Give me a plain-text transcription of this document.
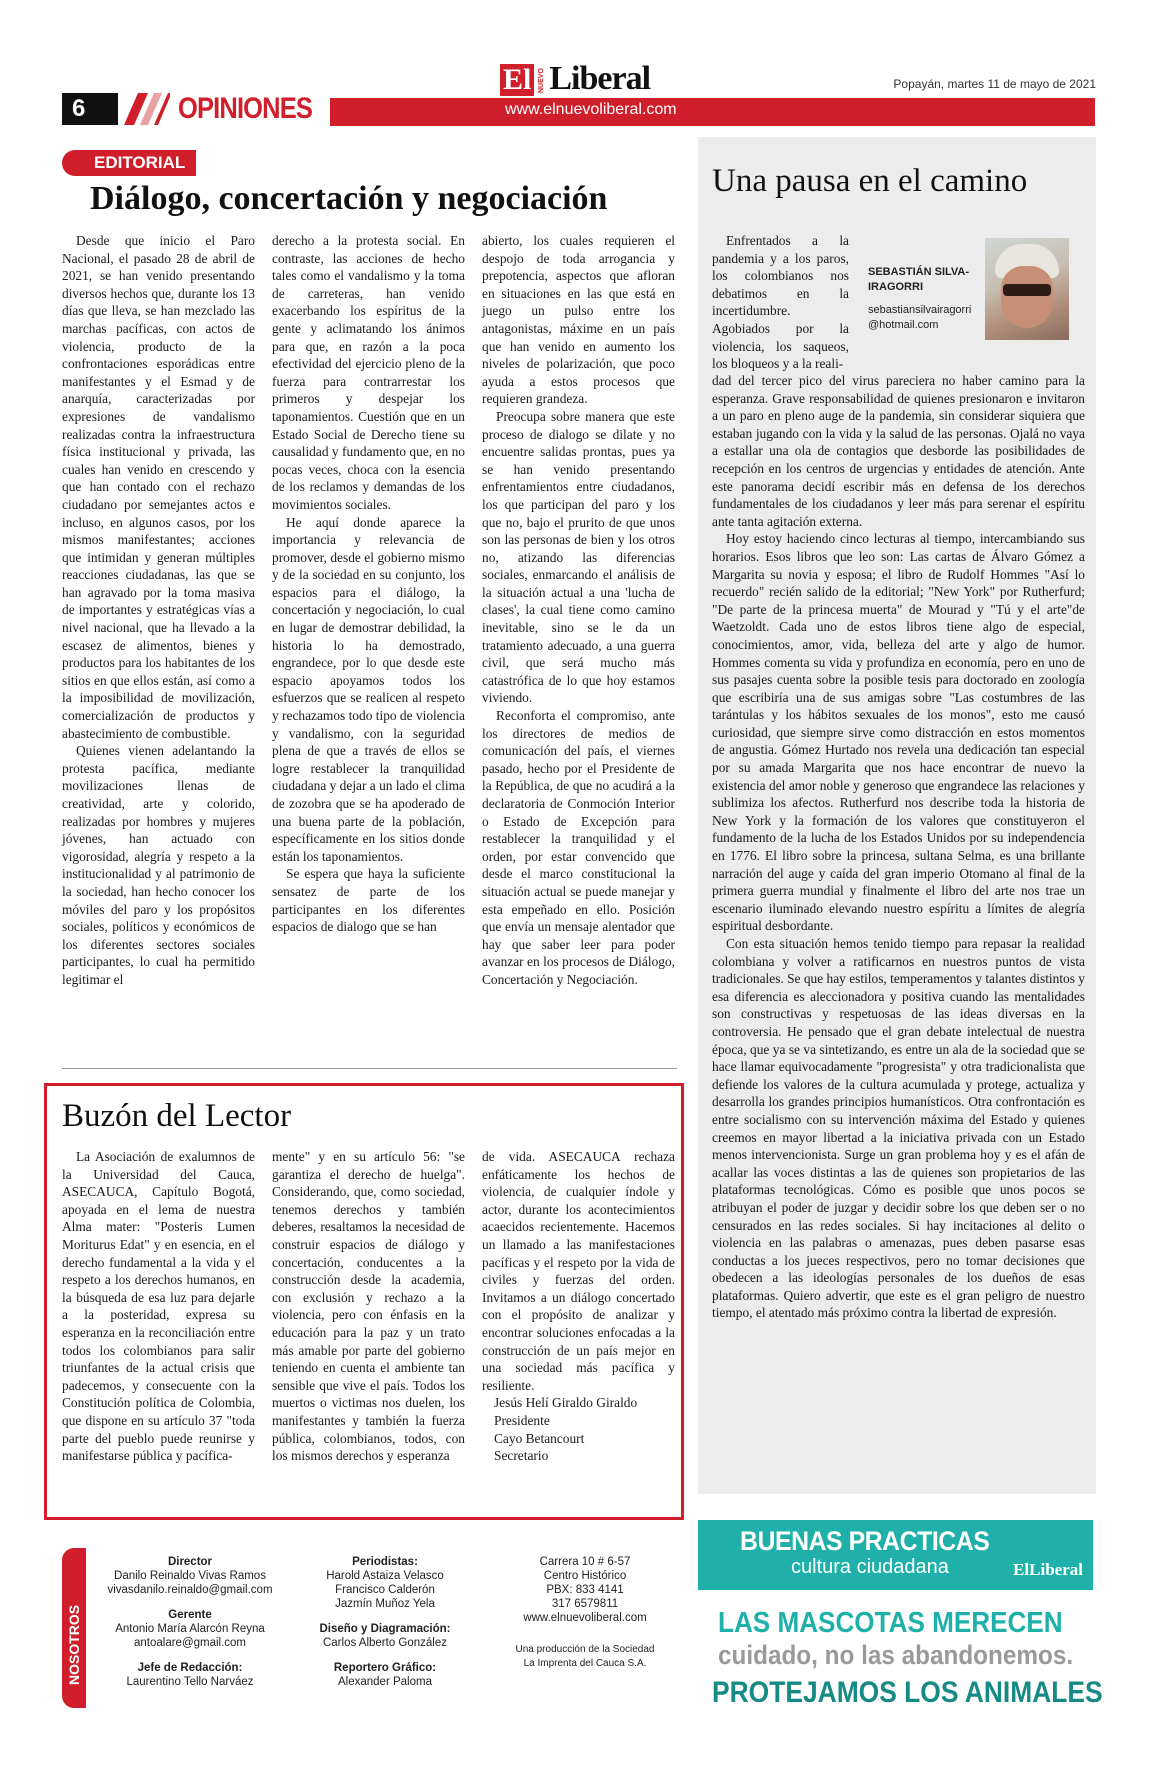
6	OPINIONES	www.elnuevoliberal.com
El	NUEVO Liberal	Popayán, martes 11 de mayo de 2021
EDITORIAL
Diálogo, concertación y negociación

Desde que inicio el Paro Nacional, el pasado 28 de abril de 2021, se han venido presentando diversos hechos que, durante los 13 días que lleva, se han mezclado las marchas pacíficas, con actos de violencia, producto de la confrontaciones esporádicas entre manifestantes y el Esmad y de anarquía, caracterizadas por expresiones de vandalismo realizadas contra la infraestructura física institucional y privada, las cuales han venido en crescendo y que han contado con el rechazo ciudadano por semejantes actos e incluso, en algunos casos, por los mismos manifestantes; acciones que intimidan y generan múltiples reacciones ciudadanas, las que se han agravado por la toma masiva de importantes y estratégicas vías a nivel nacional, que ha llevado a la escasez de alimentos, bienes y productos para los habitantes de los sitios en que ellos están, así como a la imposibilidad de movilización, comercialización de productos y abastecimiento de combustible.

Quienes vienen adelantando la protesta pacífica, mediante movilizaciones llenas de creatividad, arte y colorido, realizadas por hombres y mujeres jóvenes, han actuado con vigorosidad, alegría y respeto a la institucionalidad y al patrimonio de la sociedad, han hecho conocer los móviles del paro y los propósitos sociales, políticos y económicos de los diferentes sectores sociales participantes, lo cual ha permitido legitimar el

derecho a la protesta social. En contraste, las acciones de hecho tales como el vandalismo y la toma de carreteras, han venido exacerbando los espíritus de la gente y aclimatando los ánimos para que, en razón a la poca efectividad del ejercicio pleno de la fuerza para contrarrestar los primeros y despejar los taponamientos. Cuestión que en un Estado Social de Derecho tiene su causalidad y fundamento que, en no pocas veces, choca con la esencia de los reclamos y demandas de los movimientos sociales.

He aquí donde aparece la importancia y relevancia de promover, desde el gobierno mismo y de la sociedad en su conjunto, los espacios para el diálogo, la concertación y negociación, lo cual en lugar de demostrar debilidad, la historia lo ha demostrado, engrandece, por lo que desde este espacio apoyamos todos los esfuerzos que se realicen al respeto y rechazamos todo tipo de violencia y vandalismo, con la seguridad plena de que a través de ellos se logre restablecer la tranquilidad ciudadana y dejar a un lado el clima de zozobra que se ha apoderado de una buena parte de la población, específicamente en los sitios donde están los taponamientos.

Se espera que haya la suficiente sensatez de parte de los participantes en los diferentes espacios de dialogo que se han

abierto, los cuales requieren el despojo de toda arrogancia y prepotencia, aspectos que afloran en situaciones en las que está en juego un pulso entre los antagonistas, máxime en un país que han venido en aumento los niveles de polarización, que poco ayuda a estos procesos que requieren grandeza.

Preocupa sobre manera que este proceso de dialogo se dilate y no encuentre salidas prontas, pues ya se han venido presentando enfrentamientos entre ciudadanos, los que participan del paro y los que no, bajo el prurito de que unos son las personas de bien y los otros no, atizando las diferencias sociales, enmarcando el análisis de la situación actual a una 'lucha de clases', la cual tiene como camino inevitable, sino se le da un tratamiento adecuado, a una guerra civil, que será mucho más catastrófica de lo que hoy estamos viviendo.

Reconforta el compromiso, ante los directores de medios de comunicación del país, el viernes pasado, hecho por el Presidente de la República, de que no acudirá a la declaratoria de Conmoción Interior o Estado de Excepción para restablecer la tranquilidad y el orden, por estar convencido que desde el marco constitucional la situación actual se puede manejar y esta empeñado en ello. Posición que envía un mensaje alentador que hay que saber leer para poder avanzar en los procesos de Diálogo, Concertación y Negociación.

Una pausa en el camino

Enfrentados a la pandemia y a los paros, los colombianos nos debatimos en la incertidumbre. Agobiados por la violencia, los saqueos, los bloqueos y a la reali-

SEBASTIÁN SILVA-IRAGORRI
sebastiansilvairagorri@hotmail.com

dad del tercer pico del virus pareciera no haber camino para la esperanza. Grave responsabilidad de quienes presionaron e invitaron a un paro en pleno auge de la pandemia, sin considerar siquiera que estaban jugando con la vida y la salud de las personas. Ojalá no vaya a estallar una ola de contagios que desborde las posibilidades de recepción en los centros de urgencias y entidades de atención. Ante este panorama decidí escribir más en defensa de los derechos fundamentales de los ciudadanos y leer más para serenar el espíritu ante tanta agitación externa.

Hoy estoy haciendo cinco lecturas al tiempo, intercambiando sus horarios. Esos libros que leo son: Las cartas de Álvaro Gómez a Margarita su novia y esposa; el libro de Rudolf Hommes "Así lo recuerdo" recién salido de la editorial; "New York" por Rutherfurd; "De parte de la princesa muerta" de Mourad y "Tú y el arte"de Waetzoldt. Cada uno de estos libros tiene algo de especial, conocimientos, amor, vida, belleza del arte y algo de humor. Hommes comenta su vida y profundiza en economía, pero en uno de sus pasajes cuenta sobre la posible tesis para doctorado en zoología que escribiría una de sus amigas sobre "Las costumbres de las tarántulas y los hábitos sexuales de los monos", esto me causó curiosidad, que siempre sirve como distracción en estos momentos de angustia. Gómez Hurtado nos revela una dedicación tan especial por su amada Margarita que nos hace encontrar de nuevo la existencia del amor noble y generoso que engrandece las relaciones y sublimiza los afectos. Rutherfurd nos describe toda la historia de New York y la formación de los valores que constituyeron el fundamento de la lucha de los Estados Unidos por su independencia en 1776. El libro sobre la princesa, sultana Selma, es una brillante narración del auge y caída del gran imperio Otomano al final de la primera guerra mundial y finalmente el libro del arte nos trae un escenario iluminado elevando nuestro espíritu a límites de alegría espiritual desbordante.

Con esta situación hemos tenido tiempo para repasar la realidad colombiana y volver a ratificarnos en nuestros puntos de vista tradicionales. Se que hay estilos, temperamentos y talantes distintos y esa diferencia es aleccionadora y positiva cuando las mentalidades son constructivas y respetuosas de las ideas diversas en la controversia. He pensado que el gran debate intelectual de nuestra época, que ya se va sintetizando, es entre un ala de la sociedad que se hace llamar equivocadamente "progresista" y otra tradicionalista que defiende los valores de la cultura acumulada y protege, actualiza y desarrolla los grandes principios humanísticos. Otra confrontación es entre socialismo con su intervención máxima del Estado y quienes creemos en mayor libertad a la iniciativa privada con un Estado menos intervencionista. Surge un gran problema hoy y es el afán de acallar las voces distintas a las de quienes son propietarios de las plataformas tecnológicas. Cómo es posible que unos pocos se atribuyan el poder de juzgar y decidir sobre los que deben ser o no censurados en las redes sociales. Si hay incitaciones al delito o violencia en las palabras o amenazas, pues deben pasarse esas conductas a los jueces respectivos, pero no tomar decisiones que obedecen a las ideologías personales de los dueños de esas plataformas. Quiero advertir, que este es el gran peligro de nuestro tiempo, el atentado más próximo contra la libertad de expresión.

Buzón del Lector

La Asociación de exalumnos de la Universidad del Cauca, ASECAUCA, Capítulo Bogotá, apoyada en el lema de nuestra Alma mater: "Posteris Lumen Moriturus Edat" y en esencia, en el derecho fundamental a la vida y el respeto a los derechos humanos, en la búsqueda de esa luz para dejarle a la posteridad, expresa su esperanza en la reconciliación entre todos los colombianos para salir triunfantes de la actual crisis que padecemos, y consecuente con la Constitución política de Colombia, que dispone en su artículo 37 "toda parte del pueblo puede reunirse y manifestarse pública y pacífica-

mente" y en su artículo 56: "se garantiza el derecho de huelga". Considerando, que, como sociedad, tenemos derechos y también deberes, resaltamos la necesidad de construir espacios de diálogo y concertación, conducentes a la construcción desde la academia, con exclusión y rechazo a la violencia, pero con énfasis en la educación para la paz y un trato más amable por parte del gobierno teniendo en cuenta el ambiente tan sensible que vive el país. Todos los muertos o victimas nos duelen, los manifestantes y también la fuerza pública, colombianos, todos, con los mismos derechos y esperanza

de vida. ASECAUCA rechaza enfáticamente los hechos de violencia, de cualquier índole y actor, durante los acontecimientos acaecidos recientemente. Hacemos un llamado a las manifestaciones pacíficas y el respeto por la vida de civiles y fuerzas del orden. Invitamos a un diálogo concertado con el propósito de analizar y encontrar soluciones enfocadas a la construcción de un país mejor en una sociedad más pacífica y resiliente.

Jesús Helí Giraldo Giraldo

Presidente

Cayo Betancourt

Secretario

NOSOTROS
Director
Danilo Reinaldo Vivas Ramos
vivasdanilo.reinaldo@gmail.com
Gerente
Antonio María Alarcón Reyna
antoalare@gmail.com
Jefe de Redacción:
Laurentino Tello Narváez
Periodistas:
Harold Astaiza Velasco
Francisco Calderón
Jazmín Muñoz Yela
Diseño y Diagramación:
Carlos Alberto González
Reportero Gráfico:
Alexander Paloma
Carrera 10 # 6-57
Centro Histórico
PBX: 833 4141
317 6579811
www.elnuevoliberal.com
Una producción de la Sociedad
La Imprenta del Cauca S.A.
BUENAS PRACTICAS
cultura ciudadana	ElLiberal
LAS MASCOTAS MERECEN
cuidado, no las abandonemos.
PROTEJAMOS LOS ANIMALES
